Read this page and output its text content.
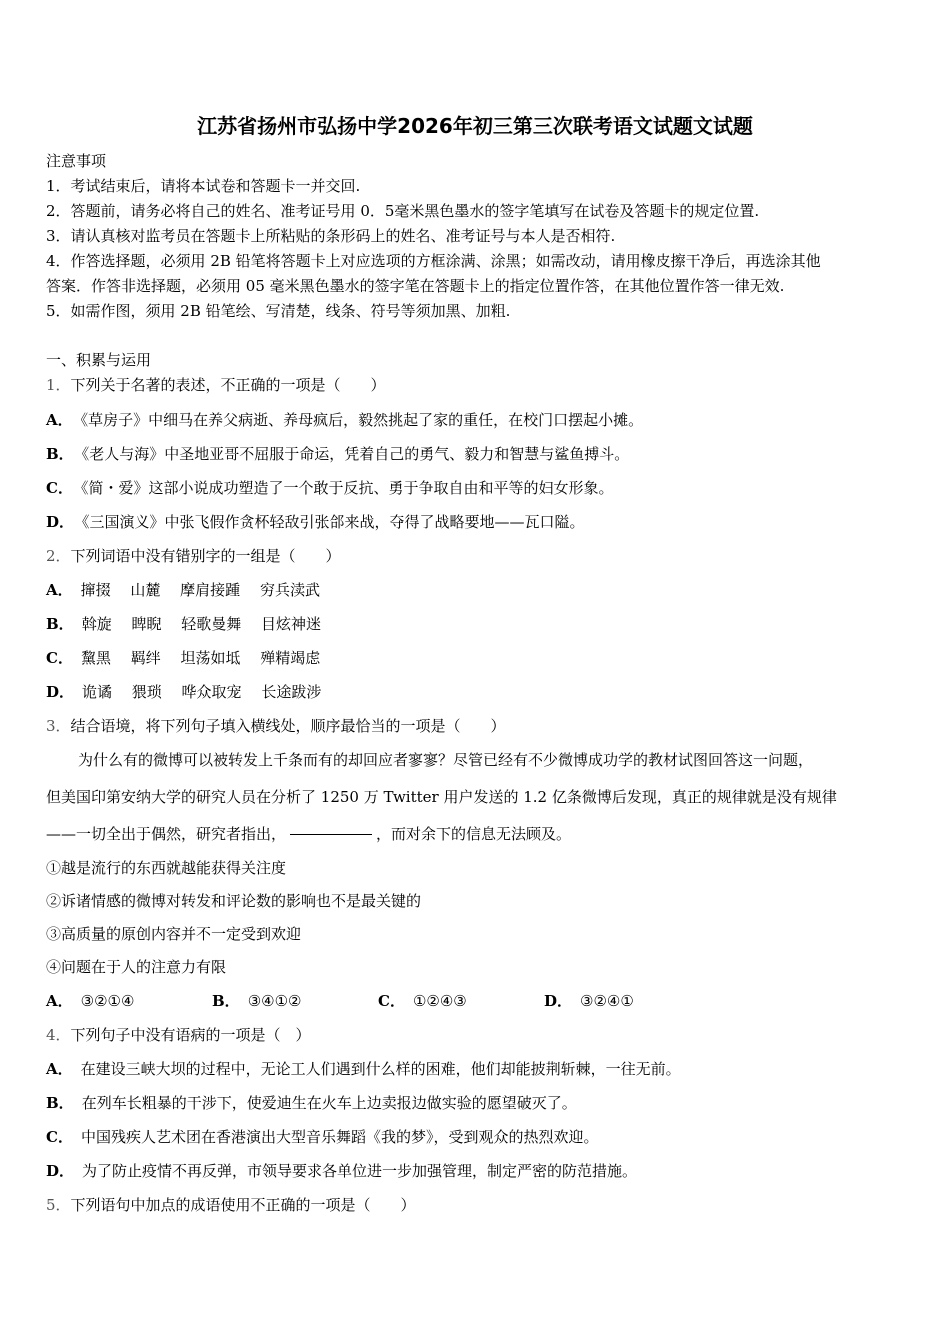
江苏省扬州市弘扬中学2026年初三第三次联考语文试题文试题
注意事项
1．考试结束后，请将本试卷和答题卡一并交回.
2．答题前，请务必将自己的姓名、准考证号用 0．5毫米黑色墨水的签字笔填写在试卷及答题卡的规定位置.
3．请认真核对监考员在答题卡上所粘贴的条形码上的姓名、准考证号与本人是否相符.
4．作答选择题，必须用 2B 铅笔将答题卡上对应选项的方框涂满、涂黑；如需改动，请用橡皮擦干净后，再选涂其他
答案．作答非选择题，必须用 05 毫米黑色墨水的签字笔在答题卡上的指定位置作答，在其他位置作答一律无效.
5．如需作图，须用 2B 铅笔绘、写清楚，线条、符号等须加黑、加粗.
一、积累与运用
1．下列关于名著的表述，不正确的一项是（　　）
A． 《草房子》中细马在养父病逝、养母疯后，毅然挑起了家的重任，在校门口摆起小摊。
B． 《老人与海》中圣地亚哥不屈服于命运，凭着自己的勇气、毅力和智慧与鲨鱼搏斗。
C． 《简・爱》这部小说成功塑造了一个敢于反抗、勇于争取自由和平等的妇女形象。
D． 《三国演义》中张飞假作贪杯轻敌引张郃来战，夺得了战略要地——瓦口隘。
2．下列词语中没有错别字的一组是（　　）
A． 撺掇　 山麓　 摩肩接踵　 穷兵渎武
B． 斡旋　 睥睨　 轻歌曼舞　 目炫神迷
C． 黧黑　 羁绊　 坦荡如坻　 殚精竭虑
D． 诡谲　 猥琐　 哗众取宠　 长途跋涉
3．结合语境，将下列句子填入横线处，顺序最恰当的一项是（　　）
为什么有的微博可以被转发上千条而有的却回应者寥寥？尽管已经有不少微博成功学的教材试图回答这一问题，
但美国印第安纳大学的研究人员在分析了 1250 万 Twitter 用户发送的 1.2 亿条微博后发现，真正的规律就是没有规律
——一切全出于偶然，研究者指出，	，而对余下的信息无法顾及。
①越是流行的东西就越能获得关注度
②诉诸情感的微博对转发和评论数的影响也不是最关键的
③高质量的原创内容并不一定受到欢迎
④问题在于人的注意力有限
A． ③②①④	B． ③④①②	C． ①②④③	D． ③②④①
4．下列句子中没有语病的一项是（　）
A． 在建设三峡大坝的过程中，无论工人们遇到什么样的困难，他们却能披荆斩棘，一往无前。
B． 在列车长粗暴的干涉下，使爱迪生在火车上边卖报边做实验的愿望破灭了。
C． 中国残疾人艺术团在香港演出大型音乐舞蹈《我的梦》，受到观众的热烈欢迎。
D． 为了防止疫情不再反弹，市领导要求各单位进一步加强管理，制定严密的防范措施。
5．下列语句中加点的成语使用不正确的一项是（　　）
